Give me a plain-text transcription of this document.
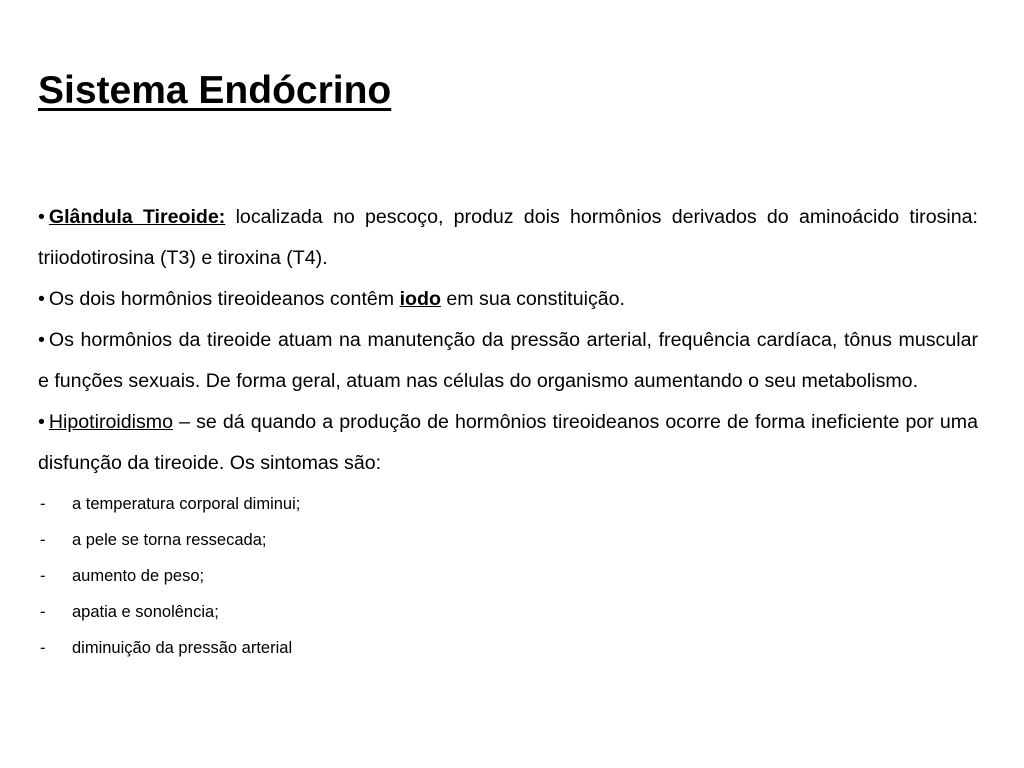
Sistema Endócrino

• Glândula Tireoide: localizada no pescoço, produz dois hormônios derivados do aminoácido tirosina: triiodotirosina (T3) e tiroxina (T4).

• Os dois hormônios tireoideanos contêm iodo em sua constituição.

• Os hormônios da tireoide atuam na manutenção da pressão arterial, frequência cardíaca, tônus muscular e funções sexuais. De forma geral, atuam nas células do organismo aumentando o seu metabolismo.

• Hipotiroidismo – se dá quando a produção de hormônios tireoideanos ocorre de forma ineficiente por uma disfunção da tireoide. Os sintomas são:

-	a temperatura corporal diminui;
-	a pele se torna ressecada;
-	aumento de peso;
-	apatia e sonolência;
-	diminuição da pressão arterial
